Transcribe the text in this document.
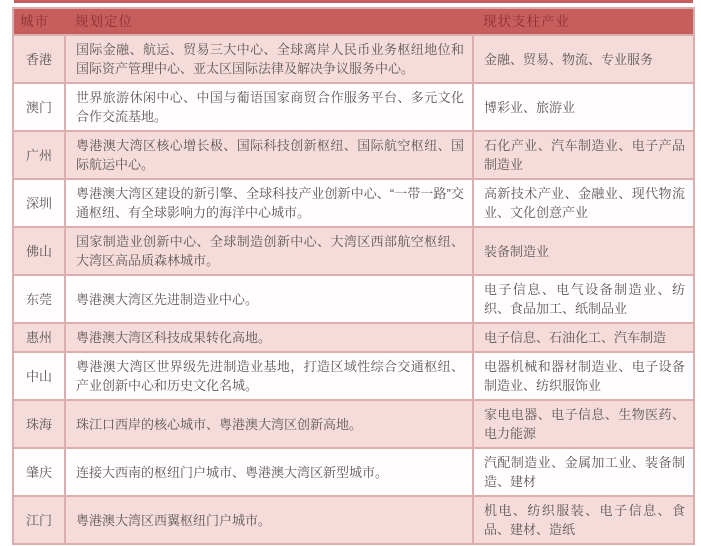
城市	规划定位	现状支柱产业
香港	国际金融、航运、贸易三大中心、全球离岸人民币业务枢纽地位和国际资产管理中心、亚太区国际法律及解决争议服务中心。	金融、贸易、物流、专业服务
澳门	世界旅游休闲中心、中国与葡语国家商贸合作服务平台、多元文化合作交流基地。	博彩业、旅游业
广州	粤港澳大湾区核心增长极、国际科技创新枢纽、国际航空枢纽、国际航运中心。	石化产业、汽车制造业、电子产品制造业
深圳	粤港澳大湾区建设的新引擎、全球科技产业创新中心、“一带一路”交通枢纽、有全球影响力的海洋中心城市。	高新技术产业、金融业、现代物流业、文化创意产业
佛山	国家制造业创新中心、全球制造创新中心、大湾区西部航空枢纽、大湾区高品质森林城市。	装备制造业
东莞	粤港澳大湾区先进制造业中心。	电子信息、电气设备制造业、纺织、食品加工、纸制品业
惠州	粤港澳大湾区科技成果转化高地。	电子信息、石油化工、汽车制造
中山	粤港澳大湾区世界级先进制造业基地，打造区域性综合交通枢纽、产业创新中心和历史文化名城。	电器机械和器材制造业、电子设备制造业、纺织服饰业
珠海	珠江口西岸的核心城市、粤港澳大湾区创新高地。	家电电器、电子信息、生物医药、电力能源
肇庆	连接大西南的枢纽门户城市、粤港澳大湾区新型城市。	汽配制造业、金属加工业、装备制造、建材
江门	粤港澳大湾区西翼枢纽门户城市。	机电、纺织服装、电子信息、食品、建材、造纸
